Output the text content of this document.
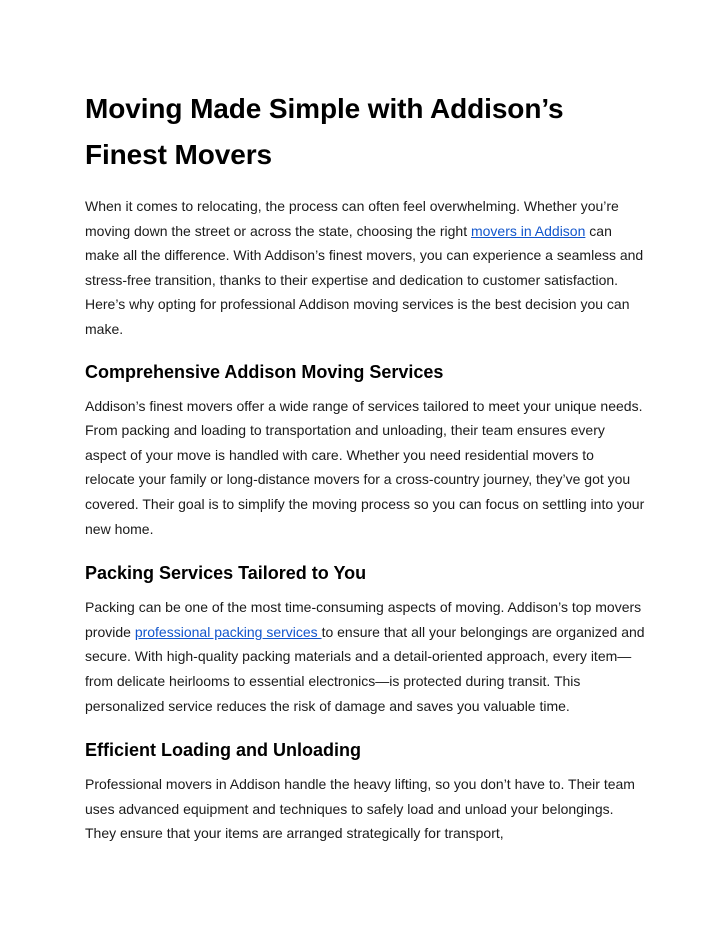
Moving Made Simple with Addison’s Finest Movers

When it comes to relocating, the process can often feel overwhelming. Whether you’re moving down the street or across the state, choosing the right movers in Addison can make all the difference. With Addison’s finest movers, you can experience a seamless and stress-free transition, thanks to their expertise and dedication to customer satisfaction. Here’s why opting for professional Addison moving services is the best decision you can make.

Comprehensive Addison Moving Services

Addison’s finest movers offer a wide range of services tailored to meet your unique needs. From packing and loading to transportation and unloading, their team ensures every aspect of your move is handled with care. Whether you need residential movers to relocate your family or long-distance movers for a cross-country journey, they’ve got you covered. Their goal is to simplify the moving process so you can focus on settling into your new home.

Packing Services Tailored to You

Packing can be one of the most time-consuming aspects of moving. Addison’s top movers provide professional packing services to ensure that all your belongings are organized and secure. With high-quality packing materials and a detail-oriented approach, every item—from delicate heirlooms to essential electronics—is protected during transit. This personalized service reduces the risk of damage and saves you valuable time.

Efficient Loading and Unloading

Professional movers in Addison handle the heavy lifting, so you don’t have to. Their team uses advanced equipment and techniques to safely load and unload your belongings. They ensure that your items are arranged strategically for transport,
